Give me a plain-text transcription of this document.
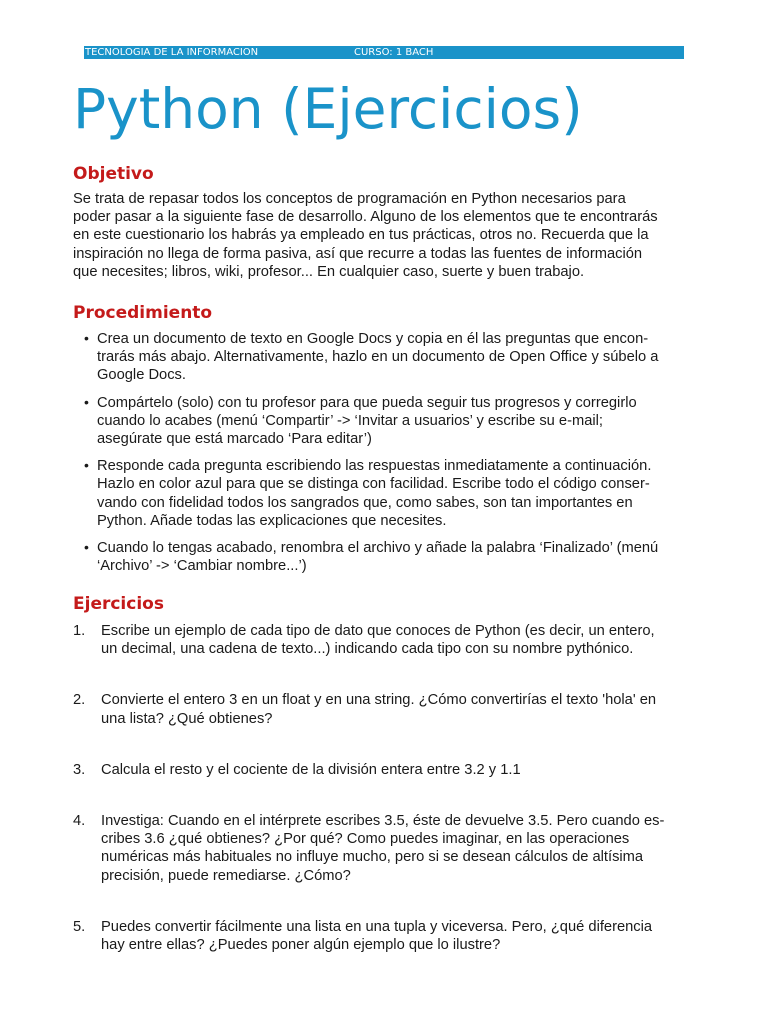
TECNOLOGIA DE LA INFORMACION	CURSO: 1 BACH
Python (Ejercicios)
Objetivo

Se trata de repasar todos los conceptos de programación en Python necesarios para
poder pasar a la siguiente fase de desarrollo. Alguno de los elementos que te encontrarás
en este cuestionario los habrás ya empleado en tus prácticas, otros no. Recuerda que la
inspiración no llega de forma pasiva, así que recurre a todas las fuentes de información
que necesites; libros, wiki, profesor... En cualquier caso, suerte y buen trabajo.

Procedimiento
• Crea un documento de texto en Google Docs y copia en él las preguntas que encon-
trarás más abajo. Alternativamente, hazlo en un documento de Open Office y súbelo a
Google Docs.
• Compártelo (solo) con tu profesor para que pueda seguir tus progresos y corregirlo
cuando lo acabes (menú ‘Compartir’ -> ‘Invitar a usuarios’ y escribe su e-mail;
asegúrate que está marcado ‘Para editar’)
• Responde cada pregunta escribiendo las respuestas inmediatamente a continuación.
Hazlo en color azul para que se distinga con facilidad. Escribe todo el código conser-
vando con fidelidad todos los sangrados que, como sabes, son tan importantes en
Python. Añade todas las explicaciones que necesites.
• Cuando lo tengas acabado, renombra el archivo y añade la palabra ‘Finalizado’ (menú
‘Archivo’ -> ‘Cambiar nombre...’)
Ejercicios
1. Escribe un ejemplo de cada tipo de dato que conoces de Python (es decir, un entero,
un decimal, una cadena de texto...) indicando cada tipo con su nombre pythónico.
2. Convierte el entero 3 en un float y en una string. ¿Cómo convertirías el texto 'hola' en
una lista? ¿Qué obtienes?
3. Calcula el resto y el cociente de la división entera entre 3.2 y 1.1
4. Investiga: Cuando en el intérprete escribes 3.5, éste de devuelve 3.5. Pero cuando es-
cribes 3.6 ¿qué obtienes? ¿Por qué? Como puedes imaginar, en las operaciones
numéricas más habituales no influye mucho, pero si se desean cálculos de altísima
precisión, puede remediarse. ¿Cómo?
5. Puedes convertir fácilmente una lista en una tupla y viceversa. Pero, ¿qué diferencia
hay entre ellas? ¿Puedes poner algún ejemplo que lo ilustre?
